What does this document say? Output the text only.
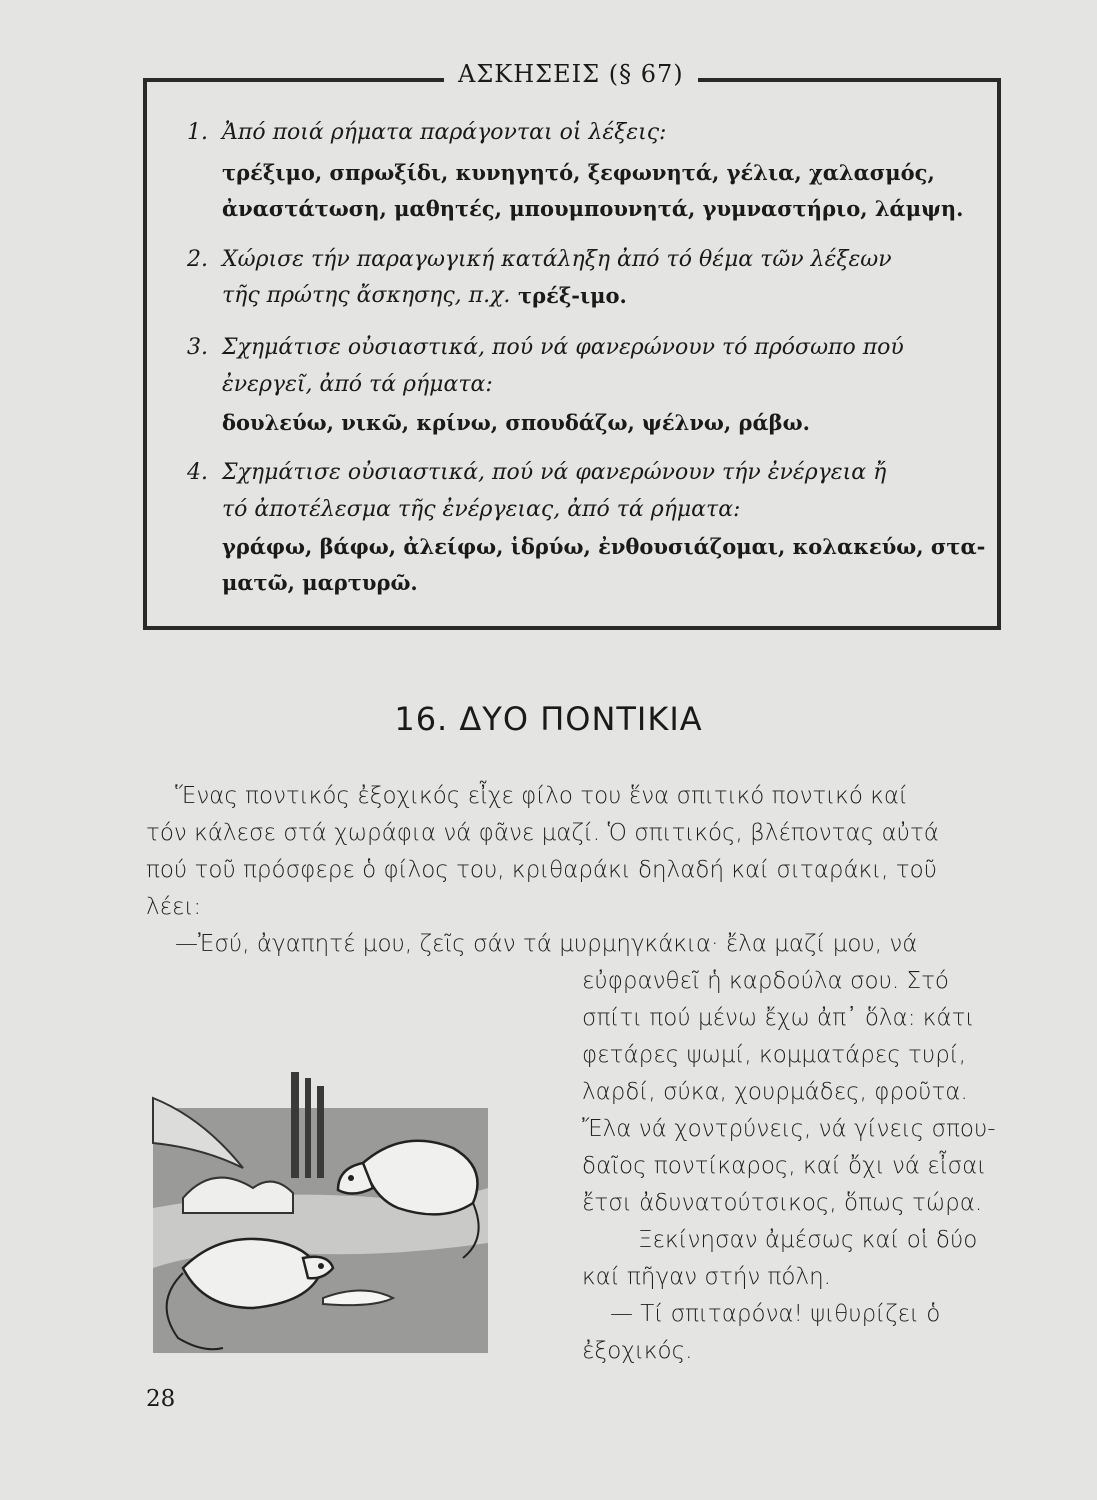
ΑΣΚΗΣΕΙΣ (§ 67)
1. Ἀπό ποιά ρήματα παράγονται οἱ λέξεις:
τρέξιμο, σπρωξίδι, κυνηγητό, ξεφωνητά, γέλια, χαλασμός,
ἀναστάτωση, μαθητές, μπουμπουνητά, γυμναστήριο, λάμψη.
2. Χώρισε τήν παραγωγική κατάληξη ἀπό τό θέμα τῶν λέξεων
τῆς πρώτης ἄσκησης, π.χ. τρέξ-ιμο.
3. Σχημάτισε οὐσιαστικά, πού νά φανερώνουν τό πρόσωπο πού
ἐνεργεῖ, ἀπό τά ρήματα:
δουλεύω, νικῶ, κρίνω, σπουδάζω, ψέλνω, ράβω.
4. Σχημάτισε οὐσιαστικά, πού νά φανερώνουν τήν ἐνέργεια ἤ
τό ἀποτέλεσμα τῆς ἐνέργειας, ἀπό τά ρήματα:
γράφω, βάφω, ἀλείφω, ἱδρύω, ἐνθουσιάζομαι, κολακεύω, στα-
ματῶ, μαρτυρῶ.
16. ΔΥΟ ΠΟΝΤΙΚΙΑ
Ἕνας ποντικός ἐξοχικός εἶχε φίλο του ἕνα σπιτικό ποντικό καί
τόν κάλεσε στά χωράφια νά φᾶνε μαζί. Ὁ σπιτικός, βλέποντας αὐτά
πού τοῦ πρόσφερε ὁ φίλος του, κριθαράκι δηλαδή καί σιταράκι, τοῦ
λέει:
—Ἐσύ, ἀγαπητέ μου, ζεῖς σάν τά μυρμηγκάκια· ἔλα μαζί μου, νά
εὐφρανθεῖ ἡ καρδούλα σου. Στό
σπίτι πού μένω ἔχω ἀπ᾽ ὅλα: κάτι
φετάρες ψωμί, κομματάρες τυρί,
λαρδί, σύκα, χουρμάδες, φροῦτα.
Ἔλα νά χοντρύνεις, νά γίνεις σπου-
δαῖος ποντίκαρος, καί ὄχι νά εἶσαι
ἔτσι ἀδυνατούτσικος, ὅπως τώρα.
Ξεκίνησαν ἀμέσως καί οἱ δύο
καί πῆγαν στήν πόλη.
— Τί σπιταρόνα! ψιθυρίζει ὁ
ἐξοχικός.
28
